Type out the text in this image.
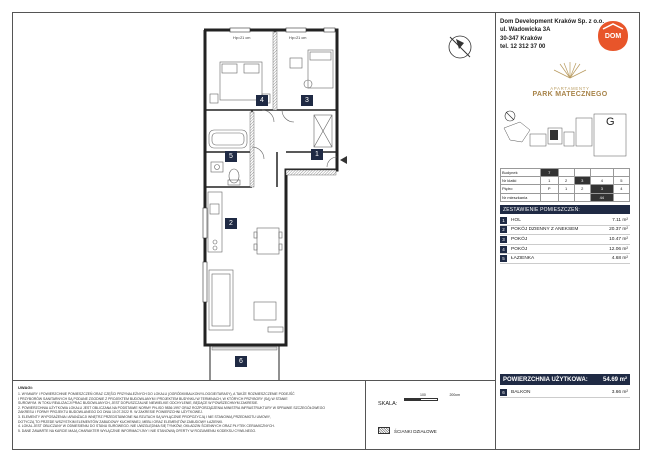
Hp=21 cm	Hp=21 cm
4	3
5	1
2
6
UWAGI:

1. WYMIARY I POWIERZCHNIE POMIESZCZEŃ ORAZ CZĘŚCI PRZYNALEŻNYCH DO LOKALU (OGRÓDKI/BALKONY/LOGGIE/TARASY), A TAKŻE ROZMIESZCZENIE PODEJŚĆ

I PRZYBORÓW SANITARNYCH SĄ PODANE ZGODNIE Z PROJEKTEM BUDOWLANYM I PROJEKTEM BUDYNKU W TERMINACH, W KTÓRYCH PRZYBORY (SĄ) W STANIE

SUROWYM. W TOKU REALIZACJI PRAC BUDOWLANYCH, JEST DOPUSZCZALNE NIEWIELKIE ODCHYLENIE, BĘDĄCE W POWSZECHNYM ZAKRESIE.

2. POWIERZCHNIA UŻYTKOWA LOKALU JEST OBLICZANA NA PODSTAWIE NORMY PN-ISO 9836:1997 ORAZ ROZPORZĄDZENIA MINISTRA INFRASTRUKTURY W SPRAWIE SZCZEGÓŁOWEGO

ZAKRESU I FORMY PROJEKTU BUDOWLANEGO DO DNIA 10.07.2022 R. W ZAKRESIE POWIERZCHNI UŻYTKOWEJ.

3. ELEMENTY WYPOSAŻENIA I ARANŻACJI WNĘTRZ PRZEDSTAWIONE NA RZUTACH SĄ WYŁĄCZNIE PROPOZYCJĄ I NIE STANOWIĄ PRZEDMIOTU UMOWY,

DOTYCZĄ TO PRZEDE WSZYSTKIM ELEMENTÓW ZABUDOWY KUCHENNEJ, MEBLI ORAZ ELEMENTÓW ZABUDOWY ŁAZIENKI.

4. LOKAL JEST OBLICZANY W ODNIESIENIU DO STANU SUROWEGO. NIE UWZGLĘDNIA SIĘ TYNKÓW, OKŁADZIN ŚCIENNYCH ORAZ PŁYTEK CERAMICZNYCH.

5. DANE ZAWARTE NA KARCIE MAJĄ CHARAKTER WYŁĄCZNIE INFORMACYJNY I NIE STANOWIĄ OFERTY W ROZUMIENIU KODEKSU CYWILNEGO.

SKALA:
100	200cm
ŚCIANKI DZIAŁOWE
Dom Development Kraków Sp. z o.o.
ul. Wadowicka 3A
30-347 Kraków
tel. 12 312 37 00
DOM
APARTAMENTY
PARK MATECZNEGO
G
Budynek	7				
Nr klatki	1	2	3	4	5
Piętro	P	1	2	3	4
Nr mieszkania				44	
ZESTAWIENIE POMIESZCZEŃ:
1	HOL	7.11 m²
2	POKÓJ DZIENNY Z ANEKSEM	20.37 m²
3	POKÓJ	10.47 m²
4	POKÓJ	12.06 m²
5	ŁAZIENKA	4.68 m²
POWIERZCHNIA UŻYTKOWA:	54.69 m²
6	BALKON	3.66 m²
